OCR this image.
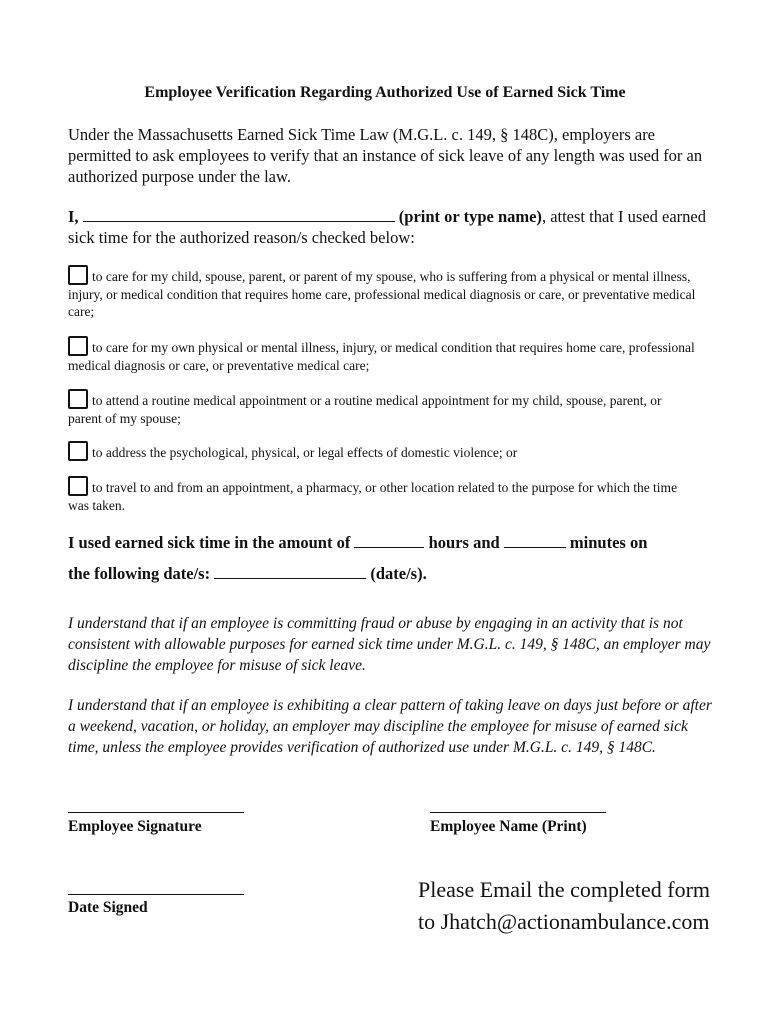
Employee Verification Regarding Authorized Use of Earned Sick Time
Under the Massachusetts Earned Sick Time Law (M.G.L. c. 149, § 148C), employers are permitted to ask employees to verify that an instance of sick leave of any length was used for an authorized purpose under the law.
I,	(print or type name), attest that I used earned sick time for the authorized reason/s checked below:
to care for my child, spouse, parent, or parent of my spouse, who is suffering from a physical or mental illness, injury, or medical condition that requires home care, professional medical diagnosis or care, or preventative medical care;
to care for my own physical or mental illness, injury, or medical condition that requires home care, professional medical diagnosis or care, or preventative medical care;
to attend a routine medical appointment or a routine medical appointment for my child, spouse, parent, or parent of my spouse;
to address the psychological, physical, or legal effects of domestic violence; or
to travel to and from an appointment, a pharmacy, or other location related to the purpose for which the time was taken.
I used earned sick time in the amount of	hours and	minutes on
the following date/s:	(date/s).
I understand that if an employee is committing fraud or abuse by engaging in an activity that is not consistent with allowable purposes for earned sick time under M.G.L. c. 149, § 148C, an employer may discipline the employee for misuse of sick leave.
I understand that if an employee is exhibiting a clear pattern of taking leave on days just before or after a weekend, vacation, or holiday, an employer may discipline the employee for misuse of earned sick time, unless the employee provides verification of authorized use under M.G.L. c. 149, § 148C.
Employee Signature	Employee Name (Print)
Date Signed
Please Email the completed form
to Jhatch@actionambulance.com
